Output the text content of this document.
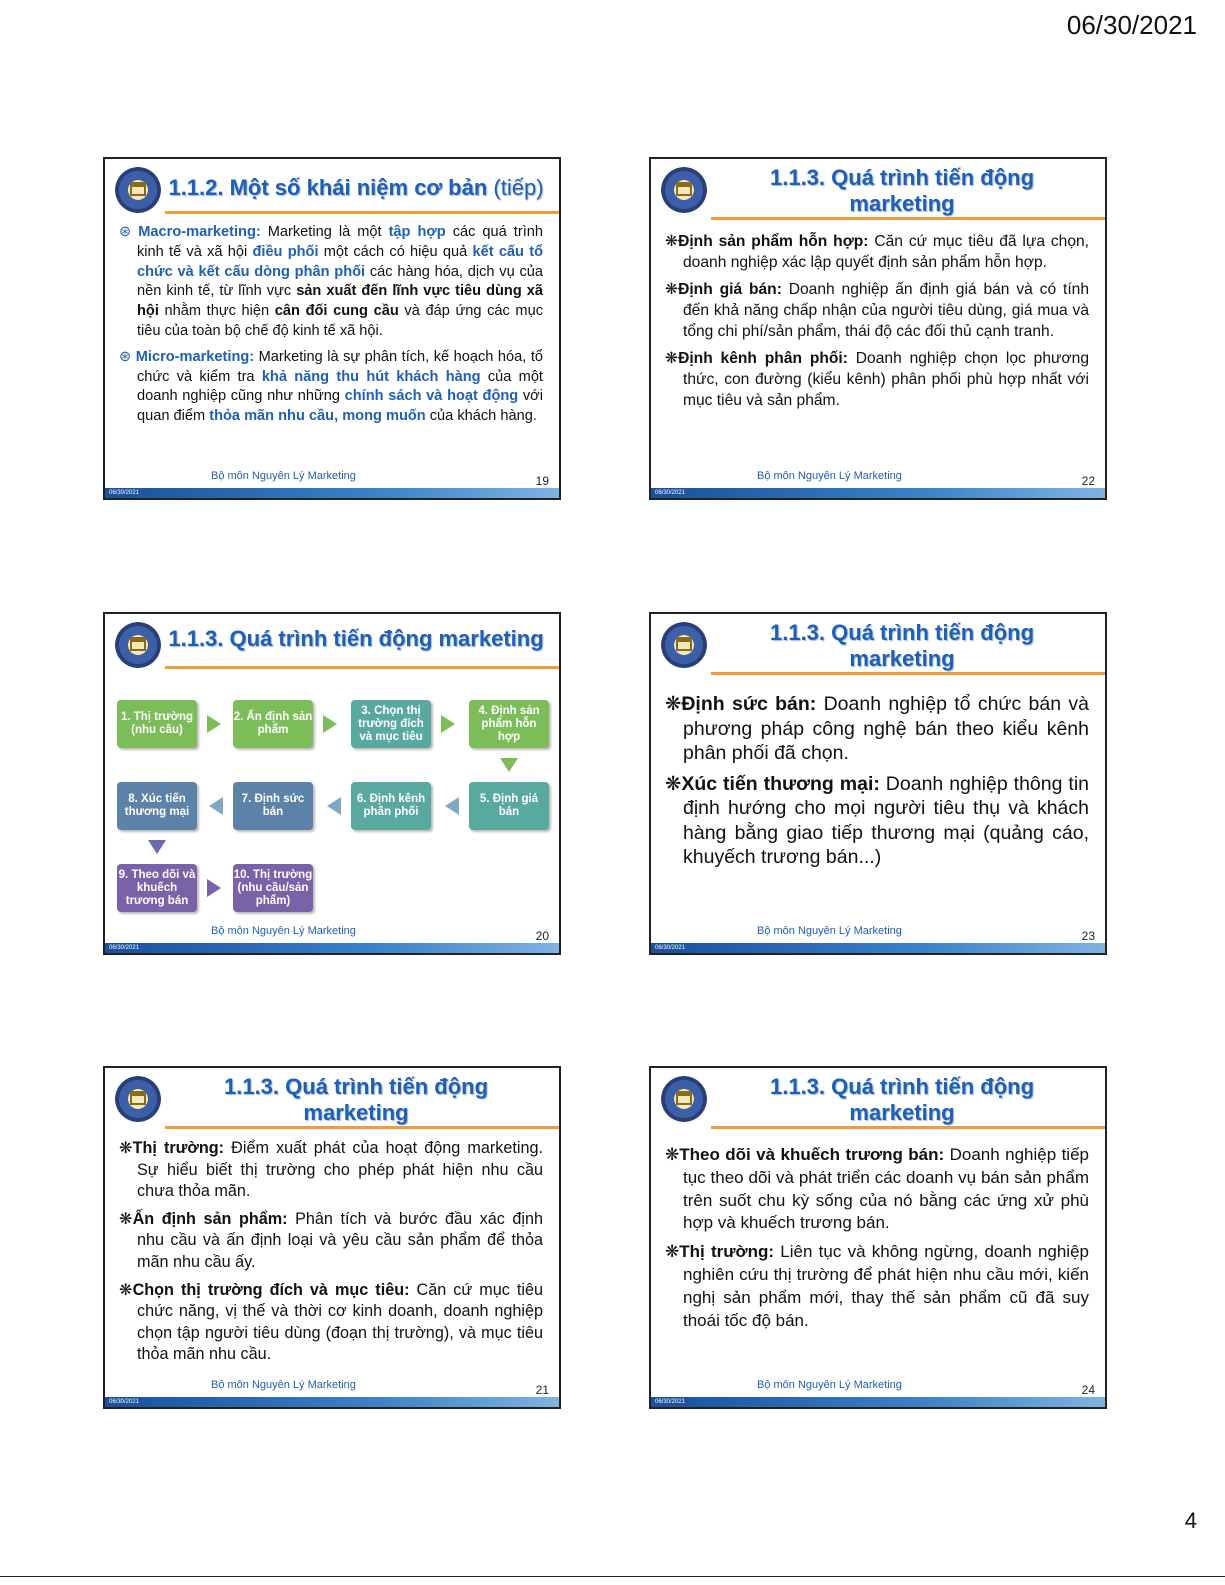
06/30/2021
1.1.2. Một số khái niệm cơ bản (tiếp)

⊛ Macro-marketing: Marketing là một tập hợp các quá trình kinh tế và xã hội điều phối một cách có hiệu quả kết cấu tổ chức và kết cấu dòng phân phối các hàng hóa, dịch vụ của nền kinh tế, từ lĩnh vực sản xuất đến lĩnh vực tiêu dùng xã hội nhằm thực hiện cân đối cung cầu và đáp ứng các mục tiêu của toàn bộ chế độ kinh tế xã hội.

⊛ Micro-marketing: Marketing là sự phân tích, kế hoạch hóa, tổ chức và kiểm tra khả năng thu hút khách hàng của một doanh nghiệp cũng như những chính sách và hoạt động với quan điểm thỏa mãn nhu cầu, mong muốn của khách hàng.

Bộ môn Nguyên Lý Marketing	19
06/30/2021
1.1.3. Quá trình tiến động
marketing

❋Định sản phẩm hỗn hợp: Căn cứ mục tiêu đã lựa chọn, doanh nghiệp xác lập quyết định sản phẩm hỗn hợp.

❋Định giá bán: Doanh nghiệp ấn định giá bán và có tính đến khả năng chấp nhận của người tiêu dùng, giá mua và tổng chi phí/sản phẩm, thái độ các đối thủ cạnh tranh.

❋Định kênh phân phối: Doanh nghiệp chọn lọc phương thức, con đường (kiểu kênh) phân phối phù hợp nhất với mục tiêu và sản phẩm.

Bộ môn Nguyên Lý Marketing	22
06/30/2021
1.1.3. Quá trình tiến động marketing
1. Thị trường (nhu cầu)
2. Ấn định sản phẩm
3. Chọn thị trường đích và mục tiêu
4. Định sản phẩm hỗn hợp
5. Định giá bán
6. Định kênh phân phối
7. Định sức bán
8. Xúc tiến thương mại
9. Theo dõi và khuếch trương bán
10. Thị trường (nhu cầu/sản phẩm)
Bộ môn Nguyên Lý Marketing	20
06/30/2021
1.1.3. Quá trình tiến động
marketing

❋Định sức bán: Doanh nghiệp tổ chức bán và phương pháp công nghệ bán theo kiểu kênh phân phối đã chọn.

❋Xúc tiến thương mại: Doanh nghiệp thông tin định hướng cho mọi người tiêu thụ và khách hàng bằng giao tiếp thương mại (quảng cáo, khuyếch trương bán...)

Bộ môn Nguyên Lý Marketing	23
06/30/2021
1.1.3. Quá trình tiến động
marketing

❋Thị trường: Điểm xuất phát của hoạt động marketing. Sự hiểu biết thị trường cho phép phát hiện nhu cầu chưa thỏa mãn.

❋Ấn định sản phẩm: Phân tích và bước đầu xác định nhu cầu và ấn định loại và yêu cầu sản phẩm để thỏa mãn nhu cầu ấy.

❋Chọn thị trường đích và mục tiêu: Căn cứ mục tiêu chức năng, vị thế và thời cơ kinh doanh, doanh nghiệp chọn tập người tiêu dùng (đoạn thị trường), và mục tiêu thỏa mãn nhu cầu.

Bộ môn Nguyên Lý Marketing	21
06/30/2021
1.1.3. Quá trình tiến động
marketing

❋Theo dõi và khuếch trương bán: Doanh nghiệp tiếp tục theo dõi và phát triển các doanh vụ bán sản phẩm trên suốt chu kỳ sống của nó bằng các ứng xử phù hợp và khuếch trương bán.

❋Thị trường: Liên tục và không ngừng, doanh nghiệp nghiên cứu thị trường để phát hiện nhu cầu mới, kiến nghị sản phẩm mới, thay thế sản phẩm cũ đã suy thoái tốc độ bán.

Bộ môn Nguyên Lý Marketing	24
06/30/2021
4
